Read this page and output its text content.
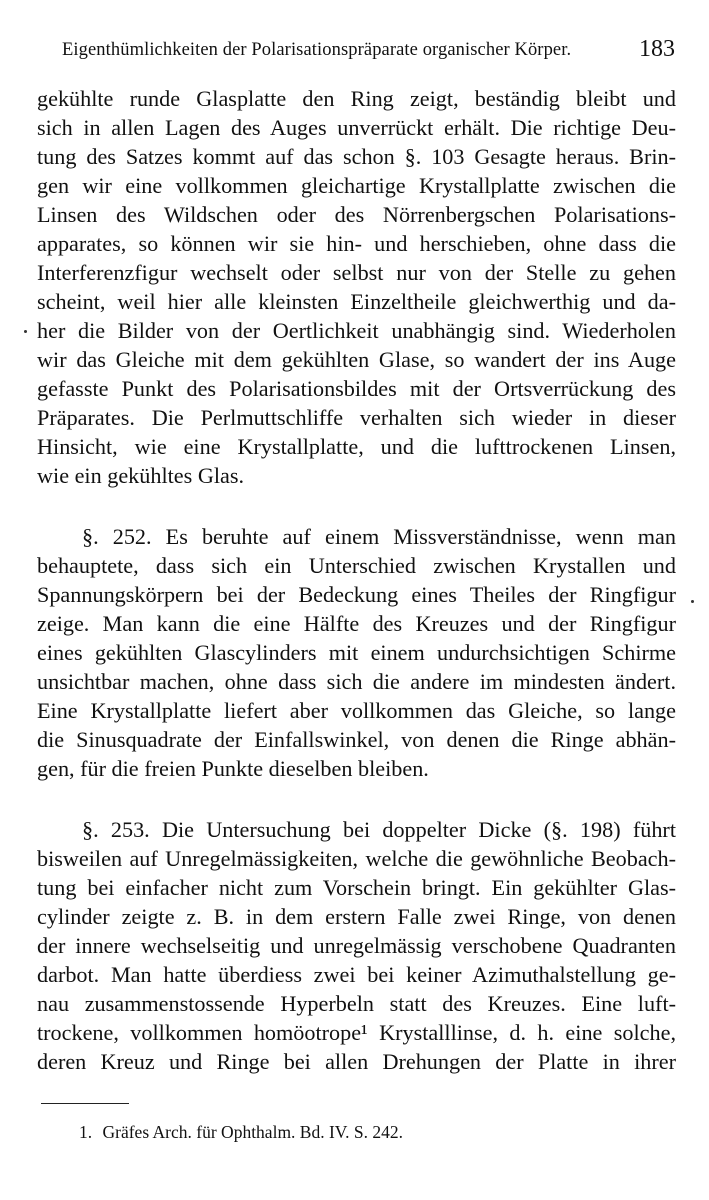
Eigenthümlichkeiten der Polarisationspräparate organischer Körper.	183
gekühlte runde Glasplatte den Ring zeigt, beständig bleibt und
sich in allen Lagen des Auges unverrückt erhält. Die richtige Deu-
tung des Satzes kommt auf das schon §. 103 Gesagte heraus. Brin-
gen wir eine vollkommen gleichartige Krystallplatte zwischen die
Linsen des Wildschen oder des Nörrenbergschen Polarisations-
apparates, so können wir sie hin- und herschieben, ohne dass die
Interferenzfigur wechselt oder selbst nur von der Stelle zu gehen
scheint, weil hier alle kleinsten Einzeltheile gleichwerthig und da-
her die Bilder von der Oertlichkeit unabhängig sind. Wiederholen
wir das Gleiche mit dem gekühlten Glase, so wandert der ins Auge
gefasste Punkt des Polarisationsbildes mit der Ortsverrückung des
Präparates. Die Perlmuttschliffe verhalten sich wieder in dieser
Hinsicht, wie eine Krystallplatte, und die lufttrockenen Linsen,
wie ein gekühltes Glas.
§. 252. Es beruhte auf einem Missverständnisse, wenn man
behauptete, dass sich ein Unterschied zwischen Krystallen und
Spannungskörpern bei der Bedeckung eines Theiles der Ringfigur
zeige. Man kann die eine Hälfte des Kreuzes und der Ringfigur
eines gekühlten Glascylinders mit einem undurchsichtigen Schirme
unsichtbar machen, ohne dass sich die andere im mindesten ändert.
Eine Krystallplatte liefert aber vollkommen das Gleiche, so lange
die Sinusquadrate der Einfallswinkel, von denen die Ringe abhän-
gen, für die freien Punkte dieselben bleiben.
§. 253. Die Untersuchung bei doppelter Dicke (§. 198) führt
bisweilen auf Unregelmässigkeiten, welche die gewöhnliche Beobach-
tung bei einfacher nicht zum Vorschein bringt. Ein gekühlter Glas-
cylinder zeigte z. B. in dem erstern Falle zwei Ringe, von denen
der innere wechselseitig und unregelmässig verschobene Quadranten
darbot. Man hatte überdiess zwei bei keiner Azimuthalstellung ge-
nau zusammenstossende Hyperbeln statt des Kreuzes. Eine luft-
trockene, vollkommen homöotrope¹ Krystalllinse, d. h. eine solche,
deren Kreuz und Ringe bei allen Drehungen der Platte in ihrer
1. Gräfes Arch. für Ophthalm. Bd. IV. S. 242.
